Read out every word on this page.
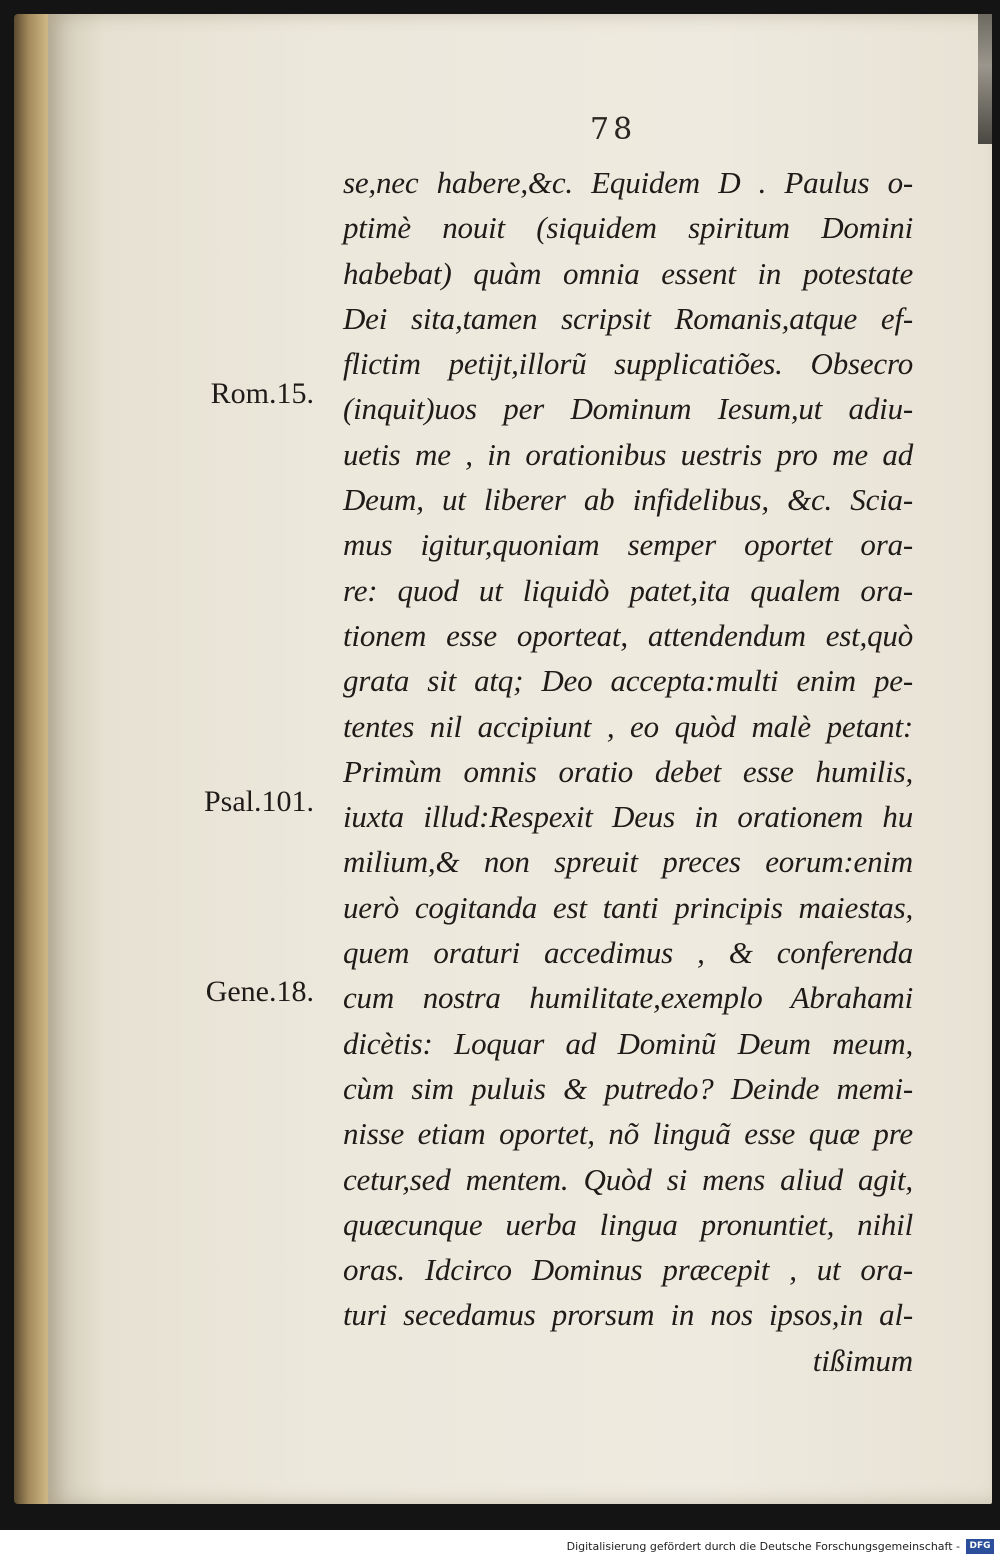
78
se,nec habere,&c. Equidem D . Paulus o-
ptimè nouit (siquidem spiritum Domini
habebat) quàm omnia essent in potestate
Dei sita,tamen scripsit Romanis,atque ef-
flictim petijt,illorũ supplicatiões. Obsecro
(inquit)uos per Dominum Iesum,ut adiu-
uetis me , in orationibus uestris pro me ad
Deum, ut liberer ab infidelibus, &c. Scia-
mus igitur,quoniam semper oportet ora-
re: quod ut liquidò patet,ita qualem ora-
tionem esse oporteat, attendendum est,quò
grata sit atq; Deo accepta:multi enim pe-
tentes nil accipiunt , eo quòd malè petant:
Primùm omnis oratio debet esse humilis,
iuxta illud:Respexit Deus in orationem hu
milium,& non spreuit preces eorum:enim
uerò cogitanda est tanti principis maiestas,
quem oraturi accedimus , & conferenda
cum nostra humilitate,exemplo Abrahami
dicètis: Loquar ad Dominũ Deum meum,
cùm sim puluis & putredo? Deinde memi-
nisse etiam oportet, nõ linguã esse quæ pre
cetur,sed mentem. Quòd si mens aliud agit,
quæcunque uerba lingua pronuntiet, nihil
oras. Idcirco Dominus præcepit , ut ora-
turi secedamus prorsum in nos ipsos,in al-
tißimum
Rom.15.
Psal.101.
Gene.18.
Digitalisierung gefördert durch die Deutsche Forschungsgemeinschaft -	DFG
